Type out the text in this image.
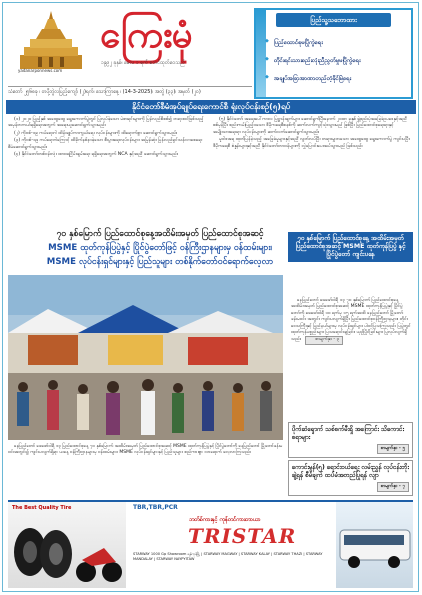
yadanarponnews.com
ကြေးမုံ
၁၉၉၂ ခုနှစ်၊ မေလ ၁ ရက် စတင်ထုတ်ဝေသည်
သံတော် ၂၅၆၈ခု ၊ တပို့တွဲလပြည့်ကျော် (၂)ရက်၊ သောကြာနေ့ ၊ (14-3-2025)၊ အတွဲ (၃၃)၊ အမှတ် (၂၀)
ပြည်သူ့သဘောထား
◆ ပြည်ထောင်စုမပြိုကွဲရေး
◆ တိုင်းရင်းသားစည်းလုံးညီညွတ်မှုမပြိုကွဲရေး
◆ အချုပ်အခြာအာဏာတည်တံ့ခိုင်မြဲရေး
နိုင်ငံတော်စီမံအုပ်ချုပ်ရေးကောင်စီ ရုံးလုပ်ငန်းစဉ်(၅)ရပ်

(၁) ၂၀၂၀ ပြည့်နှစ် အထွေထွေ ရွေးကောက်ပွဲတွင် ပြုလုပ်ခဲ့သော မဲစာရင်းများကို ပြန်လည်စိစစ်၍ တရားဝင်ဖြစ်သည့် အမှန်တကယ်ရရှိရေးအတွက် အရေးယူဆောင်ရွက်သွားမည်။

(၂) ကိုဗစ်-၁၉ ကပ်ရောဂါ ထိန်းချုပ်ကာကွယ်ရေး လုပ်ငန်းများကို ထိရောက်စွာ ဆောင်ရွက်သွားမည်။

(၃) ကိုဗစ်-၁၉ ကပ်ရောဂါကြောင့် ထိခိုက်နစ်နာခဲ့သော စီးပွားရေးလုပ်ငန်းများ အမြန်ဆုံး ပြန်လည်ရှင်သန်လာစေရေး စီမံဆောင်ရွက်သွားမည်။

(၄) နိုင်ငံတော်တစ်ဝန်းလုံး ထာဝရငြိမ်းချမ်းရေး ရရှိရေးအတွက် NCA နှင့်အညီ ဆောင်ရွက်သွားမည်။

(၅) နိုင်ငံတော် အရေးပေါ်ကာလ ပြဋ္ဌာန်းချက်များ ဆောင်ရွက်ပြီးနောက် ၂၀၀၈ ခုနှစ် ဖွဲ့စည်းပုံအခြေခံဥပဒေနှင့်အညီ စစ်မှန်ပြီး စည်းကမ်းပြည့်ဝသော ဒီမိုကရေစီစနစ်ကို ဆက်လက်ကျင့်သုံးသွားမည် ဖြစ်ပြီး ပြည်ထောင်စုရေးရာနှင့် အမျိုးသားရေးရာ လုပ်ငန်းများကို ဆက်လက်ဆောင်ရွက်သွားမည်။

မူဝါဒအရ ထုတ်ပြန်ခဲ့သည့် အခြေခံမူများနှင့်အညီ လွတ်လပ်ပြီး တရားမျှတသော အထွေထွေ ရွေးကောက်ပွဲ ကျင်းပပြီး ဒီမိုကရေစီ စံနှုန်းများနှင့်အညီ နိုင်ငံတော်တာဝန်များကို လွှဲပြောင်းပေးအပ်သွားမည် ဖြစ်သည်။

၇၀ နှစ်မြောက် ပြည်ထောင်စုနေ့အထိမ်းအမှတ် ပြည်ထောင်စုအဆင့်
MSME ထုတ်ကုန်ပြပွဲနှင့် ပြိုင်ပွဲတော်ဖြင့် ဝန်ကြီးဌာနများမှ ဝန်ထမ်းများ၊
MSME လုပ်ငန်းရှင်များနှင့် ပြည်သူများ တစ်နိုက်တော်ဝင်ရောက်လေ့လာ

နေပြည်တော် ဖေဖော်ဝါရီ ၁၃ ပြည်ထောင်စုနေ့ ၇၀ နှစ်မြောက် အထိမ်းအမှတ် ပြည်ထောင်စုအဆင့် MSME ထုတ်ကုန်ပြပွဲနှင့် ပြိုင်ပွဲတော်ကို နေပြည်တော် မြို့တော်ခန်းမ ဝင်းအတွင်း၌ ကျင်းပလျက်ရှိရာ ယနေ့ ဝန်ကြီးဌာနများမှ ဝန်ထမ်းများ၊ MSME လုပ်ငန်းရှင်များနှင့် ပြည်သူများ စည်ကားစွာ လာရောက် လေ့လာကြသည်။

၇၀ နှစ်မြောက် ပြည်ထောင်စုနေ့ အထိမ်းအမှတ် ပြည်ထောင်စုအဆင့် MSME ထုတ်ကုန်ပြပွဲ နှင့်ပြိုင်ပွဲတော် ကျင်းပနေ

နေပြည်တော် ဖေဖော်ဝါရီ ၁၃ ၇၀ နှစ်မြောက် ပြည်ထောင်စုနေ့ အထိမ်းအမှတ် ပြည်ထောင်စုအဆင့် MSME ထုတ်ကုန်ပြပွဲနှင့် ပြိုင်ပွဲတော်ကို ဖေဖော်ဝါရီ ၁၀ ရက်မှ ၁၅ ရက်အထိ နေပြည်တော် မြို့တော်ခန်းမဝင်း အတွင်း ကျင်းပလျက်ရှိပြီး ပြည်ထောင်စုဝန်ကြီးဌာနများ၊ တိုင်းဒေသကြီးနှင့် ပြည်နယ်များမှ လုပ်ငန်းရှင်များ ပါဝင်ပြသကြသည်။ ပြပွဲတွင် ထုတ်ကုန်ပစ္စည်းများ ပြသရောင်းချခြင်း၊ ယှဉ်ပြိုင်ခြင်းများ ပြုလုပ်လျက်ရှိသည်။	စာမျက်နှာ - ၃

ပိုက်ဆံရှောက် သစ်စက်မီးရှို အကြောင်း သိကောင်းစရာများ
စာမျက်နှာ - ၅
ကောင်းမွန်(၅) ရောင်းဝယ်ရေး လမ်းညွှန် လုပ်ငန်းတိုးချဲ့ရန် စီမံချက် ထပ်မံအတည်ပြုရန် လျာ
စာမျက်နှာ - ၇
The Best Quality Tire	TBR,TBR,PCR
ဘတ်စ်ကားနှင့် ကုန်တင်ကားတာယာ
TRISTAR
STARWAY 1000 Gp Showroom ရန်ကုန်မြို့ | STARWAY MAGWAY | STARWAY KALAY | STARWAY THAZI | STARWAY MANDALAY | STARWAY NAYPYITAW
